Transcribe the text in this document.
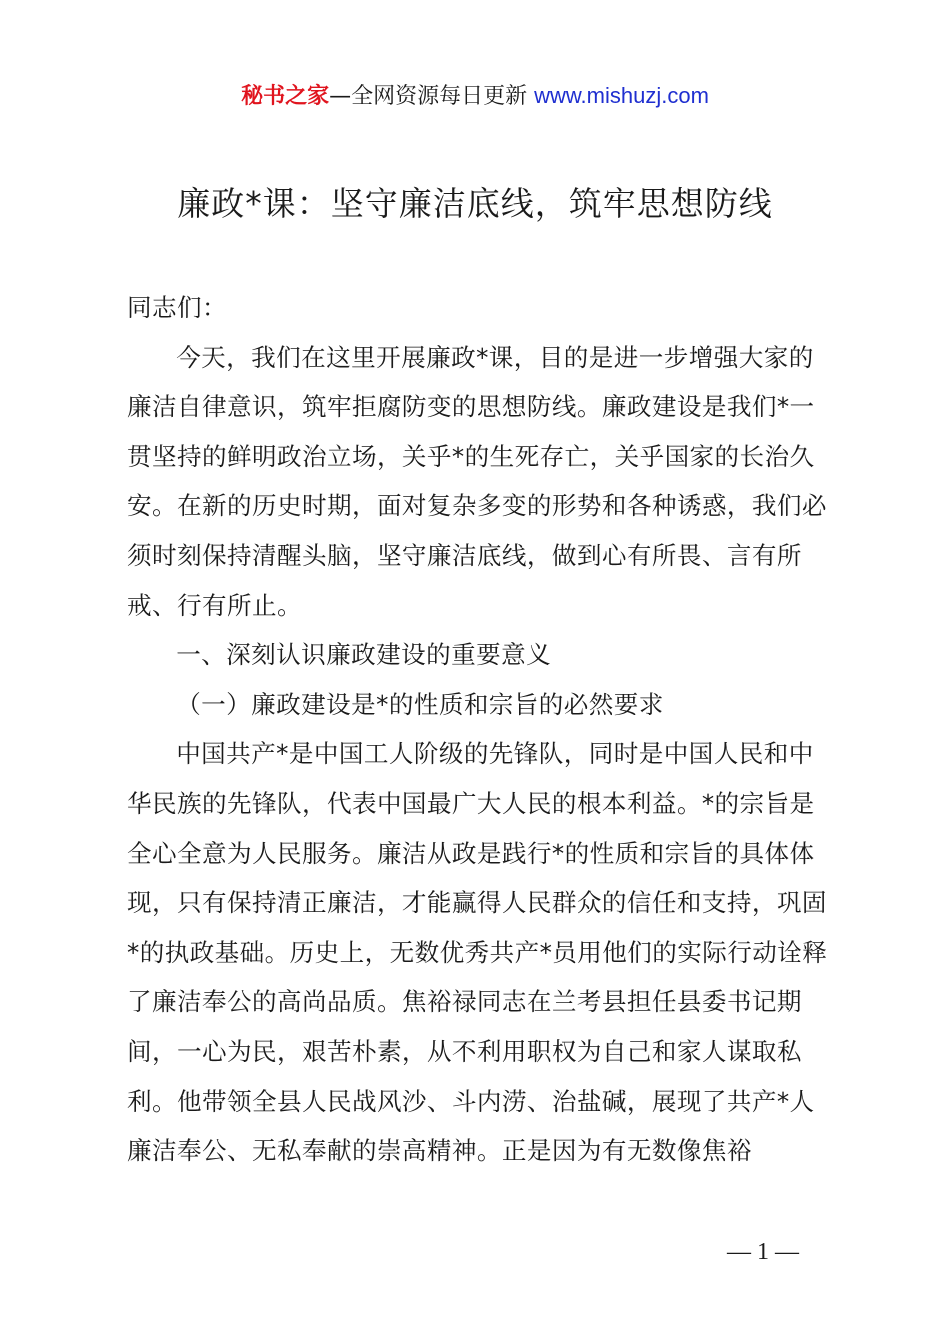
秘书之家—全网资源每日更新 www.mishuzj.com
廉政*课：坚守廉洁底线，筑牢思想防线

同志们：

今天，我们在这里开展廉政*课，目的是进一步增强大家的廉洁自律意识，筑牢拒腐防变的思想防线。廉政建设是我们*一贯坚持的鲜明政治立场，关乎*的生死存亡，关乎国家的长治久安。在新的历史时期，面对复杂多变的形势和各种诱惑，我们必须时刻保持清醒头脑，坚守廉洁底线，做到心有所畏、言有所戒、行有所止。

一、深刻认识廉政建设的重要意义

（一）廉政建设是*的性质和宗旨的必然要求

中国共产*是中国工人阶级的先锋队，同时是中国人民和中华民族的先锋队，代表中国最广大人民的根本利益。*的宗旨是全心全意为人民服务。廉洁从政是践行*的性质和宗旨的具体体现，只有保持清正廉洁，才能赢得人民群众的信任和支持，巩固*的执政基础。历史上，无数优秀共产*员用他们的实际行动诠释了廉洁奉公的高尚品质。焦裕禄同志在兰考县担任县委书记期间，一心为民，艰苦朴素，从不利用职权为自己和家人谋取私利。他带领全县人民战风沙、斗内涝、治盐碱，展现了共产*人廉洁奉公、无私奉献的崇高精神。正是因为有无数像焦裕

— 1 —
